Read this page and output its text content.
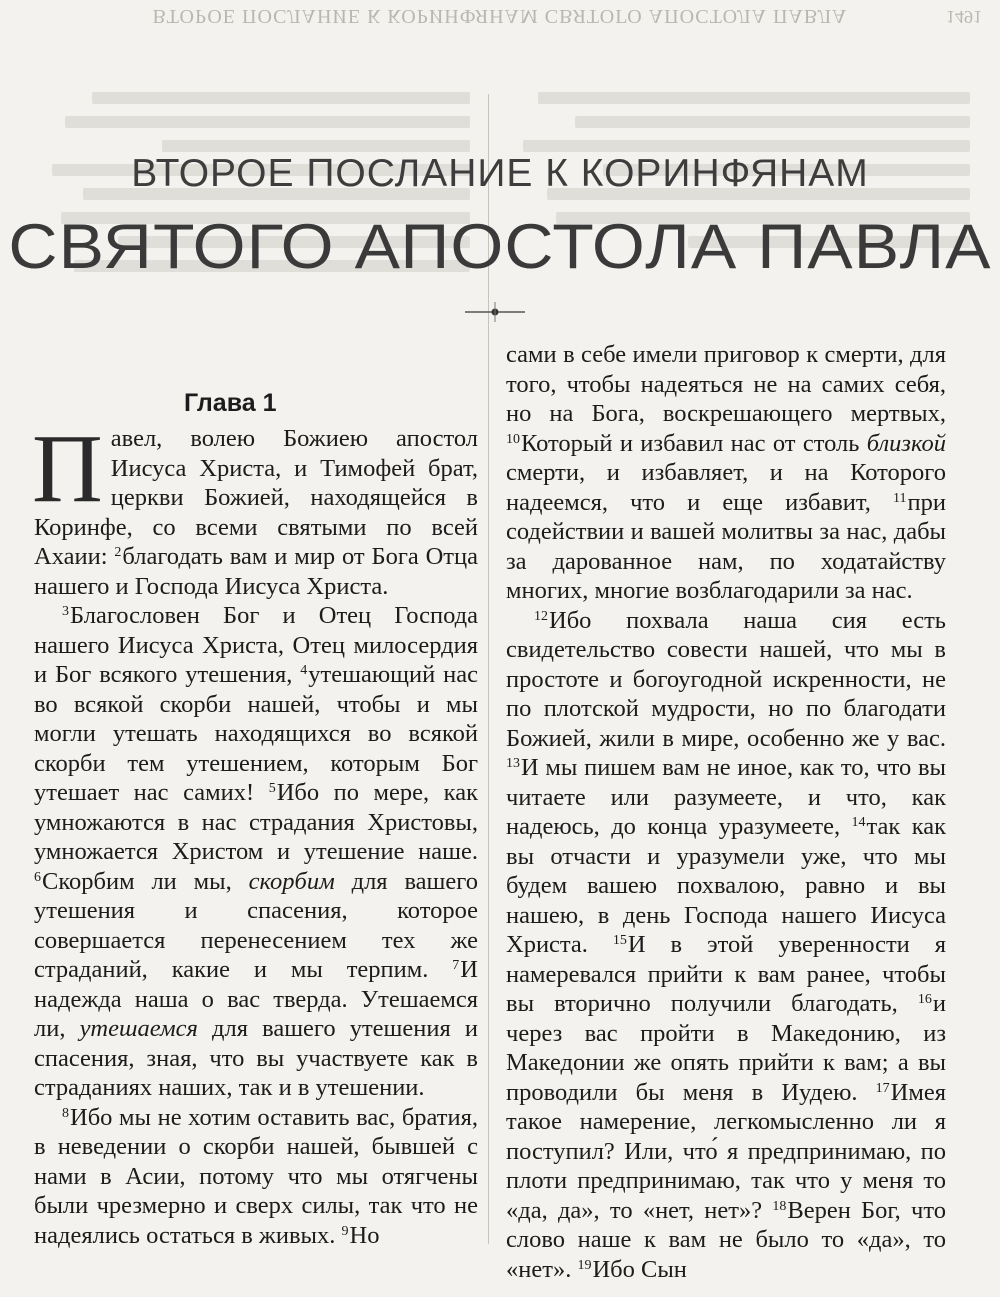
ВТОРОЕ ПОСЛАНИЕ К КОРИНФЯНАМ СВЯТОГО АПОСТОЛА ПАВЛА	1491
ВТОРОЕ ПОСЛАНИЕ К КОРИНФЯНАМ
СВЯТОГО АПОСТОЛА ПАВЛА
Глава 1

Павел, волею Божиею апостол Иисуса Христа, и Тимофей брат, церкви Божией, находящейся в Коринфе, со всеми святыми по всей Ахаии: $^2$благодать вам и мир от Бога Отца нашего и Господа Иисуса Христа.

$^3$Благословен Бог и Отец Господа нашего Иисуса Христа, Отец милосердия и Бог всякого утешения, $^4$утешающий нас во всякой скорби нашей, чтобы и мы могли утешать находящихся во всякой скорби тем утешением, которым Бог утешает нас самих! $^5$Ибо по мере, как умножаются в нас страдания Христовы, умножается Христом и утешение наше. $^6$Скорбим ли мы, скорбим для вашего утешения и спасения, которое совершается перенесением тех же страданий, какие и мы терпим. $^7$И надежда наша о вас тверда. Утешаемся ли, утешаемся для вашего утешения и спасения, зная, что вы участвуете как в страданиях наших, так и в утешении.

$^8$Ибо мы не хотим оставить вас, братия, в неведении о скорби нашей, бывшей с нами в Асии, потому что мы отягчены были чрезмерно и сверх силы, так что не надеялись остаться в живых. $^9$Но

сами в себе имели приговор к смерти, для того, чтобы надеяться не на самих себя, но на Бога, воскрешающего мертвых, $^{10}$Который и избавил нас от столь близкой смерти, и избавляет, и на Которого надеемся, что и еще избавит, $^{11}$при содействии и вашей молитвы за нас, дабы за дарованное нам, по ходатайству многих, многие возблагодарили за нас.

$^{12}$Ибо похвала наша сия есть свидетельство совести нашей, что мы в простоте и богоугодной искренности, не по плотской мудрости, но по благодати Божией, жили в мире, особенно же у вас. $^{13}$И мы пишем вам не иное, как то, что вы читаете или разумеете, и что, как надеюсь, до конца уразумеете, $^{14}$так как вы отчасти и уразумели уже, что мы будем вашею похвалою, равно и вы нашею, в день Господа нашего Иисуса Христа. $^{15}$И в этой уверенности я намеревался прийти к вам ранее, чтобы вы вторично получили благодать, $^{16}$и через вас пройти в Македонию, из Македонии же опять прийти к вам; а вы проводили бы меня в Иудею. $^{17}$Имея такое намерение, легкомысленно ли я поступил? Или, что́ я предпринимаю, по плоти предпринимаю, так что у меня то «да, да», то «нет, нет»? $^{18}$Верен Бог, что слово наше к вам не было то «да», то «нет». $^{19}$Ибо Сын
